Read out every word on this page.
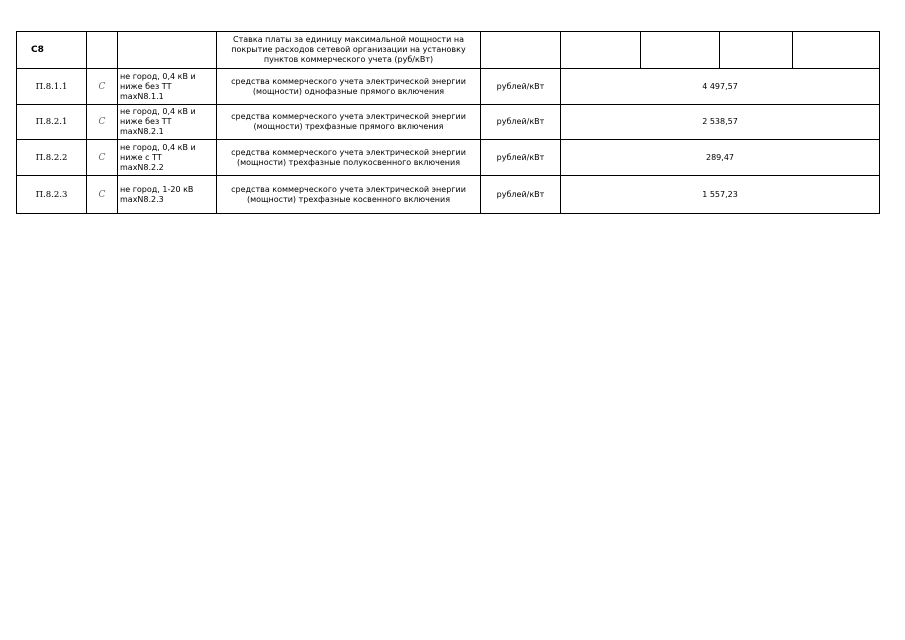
С8			Ставка платы за единицу максимальной мощности на
покрытие расходов сетевой организации на установку
пунктов коммерческого учета (руб/кВт)					

П.8.1.1	C	не город, 0,4 кВ и
ниже без ТТ
maxN8.1.1	средства коммерческого учета электрической энергии
(мощности) однофазные прямого включения	рублей/кВт	4 497,57			
П.8.2.1	C	не город, 0,4 кВ и
ниже без ТТ
maxN8.2.1	средства коммерческого учета электрической энергии
(мощности) трехфазные прямого включения	рублей/кВт	2 538,57			
П.8.2.2	C	не город, 0,4 кВ и
ниже с ТТ
maxN8.2.2	средства коммерческого учета электрической энергии
(мощности) трехфазные полукосвенного включения	рублей/кВт	289,47			
П.8.2.3	C	не город, 1-20 кВ
maxN8.2.3	средства коммерческого учета электрической энергии
(мощности) трехфазные косвенного включения	рублей/кВт	1 557,23			
